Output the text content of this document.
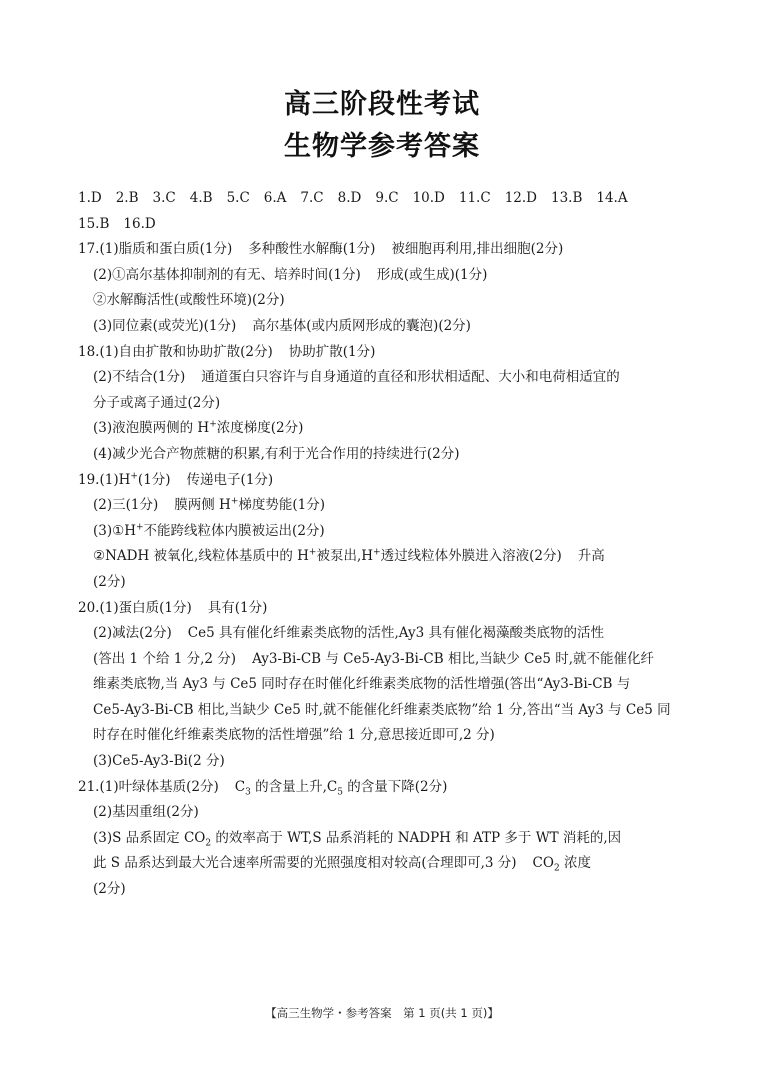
高三阶段性考试
生物学参考答案
1.D 2.B 3.C 4.B 5.C 6.A 7.C 8.D 9.C 10.D 11.C 12.D 13.B 14.A
15.B 16.D
17.(1)脂质和蛋白质(1分) 多种酸性水解酶(1分) 被细胞再利用,排出细胞(2分)
(2)①高尔基体抑制剂的有无、培养时间(1分) 形成(或生成)(1分)
②水解酶活性(或酸性环境)(2分)
(3)同位素(或荧光)(1分) 高尔基体(或内质网形成的囊泡)(2分)
18.(1)自由扩散和协助扩散(2分) 协助扩散(1分)
(2)不结合(1分) 通道蛋白只容许与自身通道的直径和形状相适配、大小和电荷相适宜的
分子或离子通过(2分)
(3)液泡膜两侧的 H+浓度梯度(2分)
(4)减少光合产物蔗糖的积累,有利于光合作用的持续进行(2分)
19.(1)H+(1分) 传递电子(1分)
(2)三(1分) 膜两侧 H+梯度势能(1分)
(3)①H+不能跨线粒体内膜被运出(2分)
②NADH 被氧化,线粒体基质中的 H+被泵出,H+透过线粒体外膜进入溶液(2分) 升高
(2分)
20.(1)蛋白质(1分) 具有(1分)
(2)减法(2分) Ce5 具有催化纤维素类底物的活性,Ay3 具有催化褐藻酸类底物的活性
(答出 1 个给 1 分,2 分) Ay3-Bi-CB 与 Ce5-Ay3-Bi-CB 相比,当缺少 Ce5 时,就不能催化纤
维素类底物,当 Ay3 与 Ce5 同时存在时催化纤维素类底物的活性增强(答出“Ay3-Bi-CB 与
Ce5-Ay3-Bi-CB 相比,当缺少 Ce5 时,就不能催化纤维素类底物”给 1 分,答出“当 Ay3 与 Ce5 同
时存在时催化纤维素类底物的活性增强”给 1 分,意思接近即可,2 分)
(3)Ce5-Ay3-Bi(2 分)
21.(1)叶绿体基质(2分) $C_3$ 的含量上升$,C_5$ 的含量下降(2分)
(2)基因重组(2分)
(3)S 品系固定 $CO_2$ 的效率高于 WT,S 品系消耗的 NADPH 和 ATP 多于 WT 消耗的,因
此 S 品系达到最大光合速率所需要的光照强度相对较高(合理即可,3 分) $CO_2$ 浓度
(2分)
【高三生物学・参考答案　第 1 页(共 1 页)】
